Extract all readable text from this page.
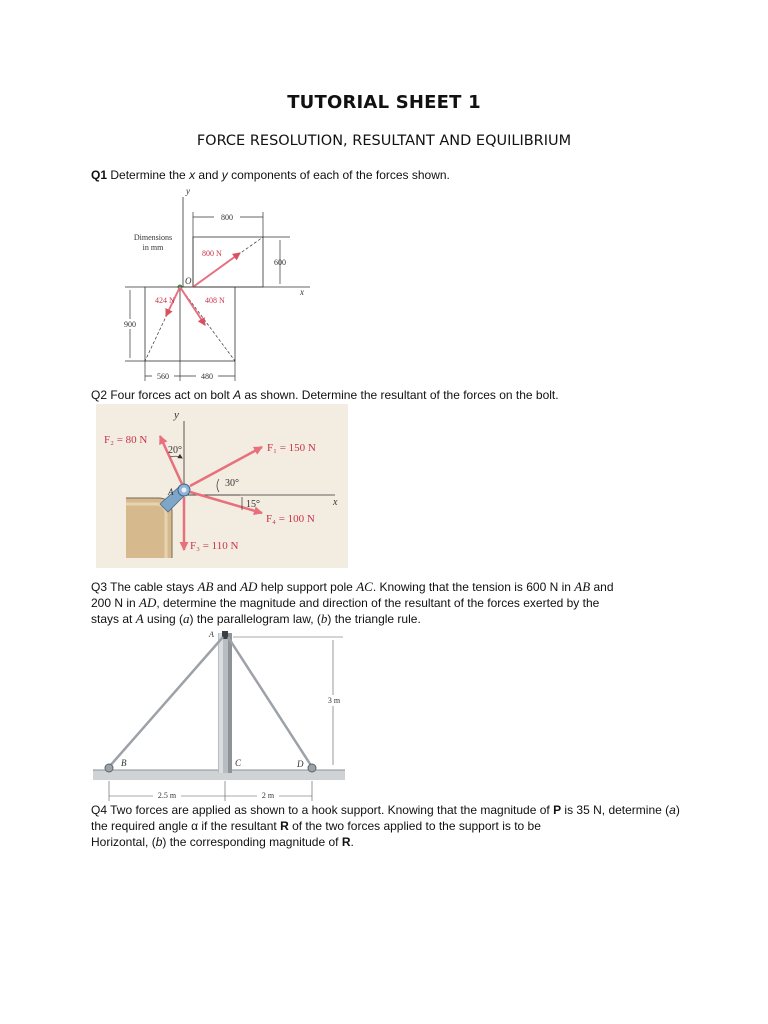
TUTORIAL SHEET 1
FORCE RESOLUTION, RESULTANT AND EQUILIBRIUM
Q1 Determine the x and y components of each of the forces shown.
y
x
800
600
800 N
Dimensions
in mm
O
424 N	408 N
900
560	480
Q2 Four forces act on bolt A as shown. Determine the resultant of the forces on the bolt.
y
x
A
F₁ = 150 N
F₂ = 80 N
F₃ = 110 N
F₄ = 100 N
20°
30°
15°
Q3 The cable stays AB and AD help support pole AC. Knowing that the tension is 600 N in AB and
200 N in AD, determine the magnitude and direction of the resultant of the forces exerted by the
stays at A using (a) the parallelogram law, (b) the triangle rule.
A
B	C	D
3 m
2.5 m	2 m
Q4 Two forces are applied as shown to a hook support. Knowing that the magnitude of P is 35 N, determine (a)
the required angle α if the resultant R of the two forces applied to the support is to be
Horizontal, (b) the corresponding magnitude of R.
